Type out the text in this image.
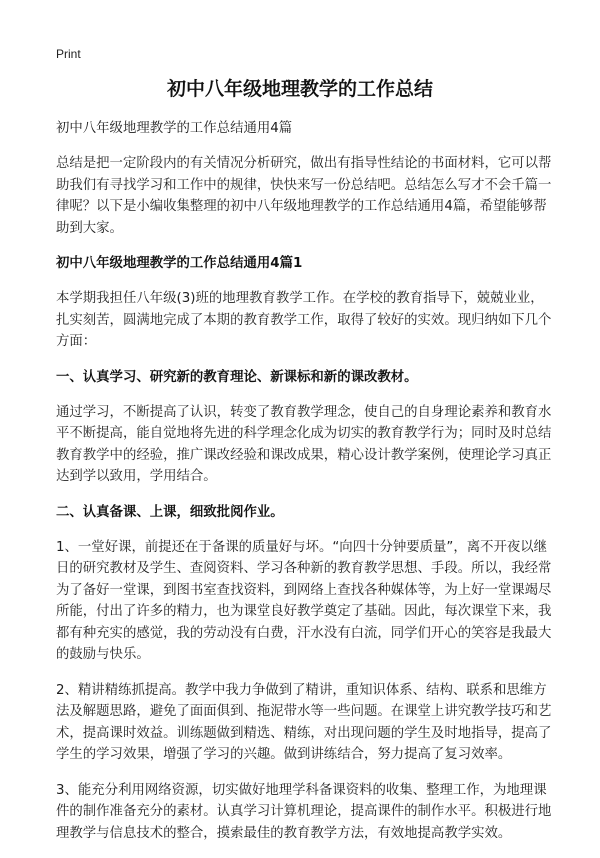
Print
初中八年级地理教学的工作总结
初中八年级地理教学的工作总结通用4篇
总结是把一定阶段内的有关情况分析研究，做出有指导性结论的书面材料，它可以帮助我们有寻找学习和工作中的规律，快快来写一份总结吧。总结怎么写才不会千篇一律呢？以下是小编收集整理的初中八年级地理教学的工作总结通用4篇，希望能够帮助到大家。
初中八年级地理教学的工作总结通用4篇1
本学期我担任八年级(3)班的地理教育教学工作。在学校的教育指导下，兢兢业业，扎实刻苦，圆满地完成了本期的教育教学工作，取得了较好的实效。现归纳如下几个方面：
一、认真学习、研究新的教育理论、新课标和新的课改教材。
通过学习，不断提高了认识，转变了教育教学理念，使自己的自身理论素养和教育水平不断提高，能自觉地将先进的科学理念化成为切实的教育教学行为；同时及时总结教育教学中的经验，推广课改经验和课改成果，精心设计教学案例，使理论学习真正达到学以致用，学用结合。
二、认真备课、上课，细致批阅作业。
1、一堂好课，前提还在于备课的质量好与坏。“向四十分钟要质量”，离不开夜以继日的研究教材及学生、查阅资料、学习各种新的教育教学思想、手段。所以，我经常为了备好一堂课，到图书室查找资料，到网络上查找各种媒体等，为上好一堂课竭尽所能，付出了许多的精力，也为课堂良好教学奠定了基础。因此，每次课堂下来，我都有种充实的感觉，我的劳动没有白费，汗水没有白流，同学们开心的笑容是我最大的鼓励与快乐。
2、精讲精练抓提高。教学中我力争做到了精讲，重知识体系、结构、联系和思维方法及解题思路，避免了面面俱到、拖泥带水等一些问题。在课堂上讲究教学技巧和艺术，提高课时效益。训练题做到精选、精练，对出现问题的学生及时地指导，提高了学生的学习效果，增强了学习的兴趣。做到讲练结合，努力提高了复习效率。
3、能充分利用网络资源，切实做好地理学科备课资料的收集、整理工作，为地理课件的制作准备充分的素材。认真学习计算机理论，提高课件的制作水平。积极进行地理教学与信息技术的整合，摸索最佳的教育教学方法，有效地提高教学实效。
